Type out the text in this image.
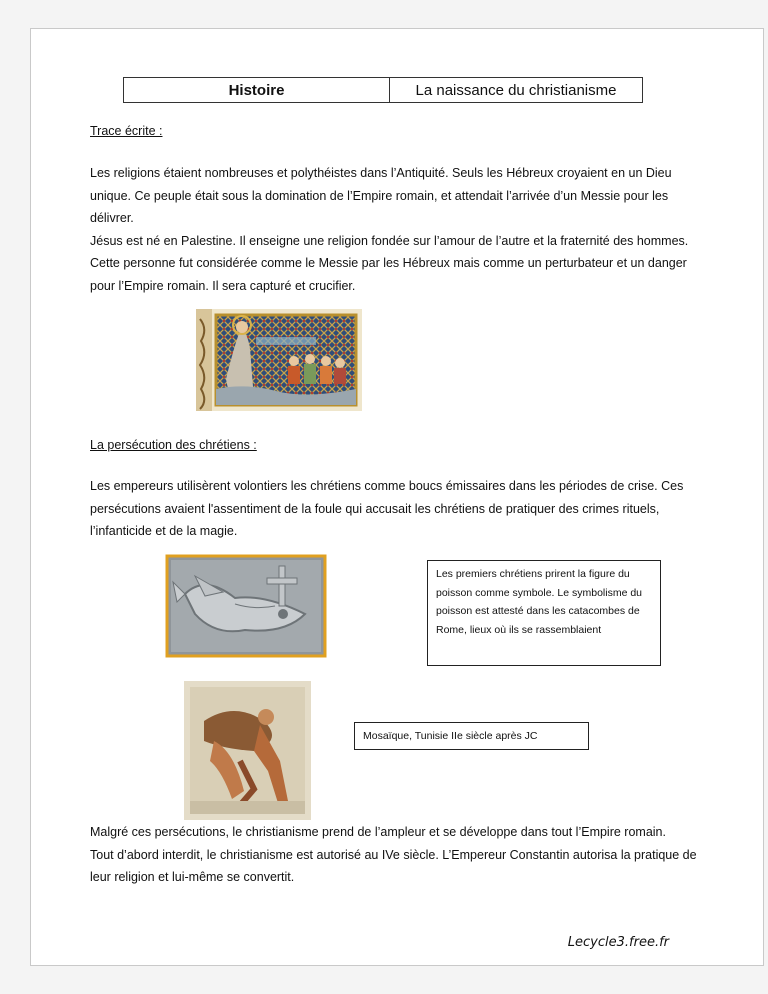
Histoire	La naissance du christianisme
Trace écrite :

Les religions étaient nombreuses et polythéistes dans l’Antiquité. Seuls les Hébreux croyaient en un Dieu unique. Ce peuple était sous la domination de l’Empire romain, et attendait l’arrivée d’un Messie pour les délivrer.

Jésus est né en Palestine. Il enseigne une religion fondée sur l’amour de l’autre et la fraternité des hommes. Cette personne fut considérée comme le Messie par les Hébreux mais comme un perturbateur et un danger pour l’Empire romain. Il sera capturé et crucifier.

La persécution des chrétiens :

Les empereurs utilisèrent volontiers les chrétiens comme boucs émissaires dans les périodes de crise. Ces persécutions avaient l'assentiment de la foule qui accusait les chrétiens de pratiquer des crimes rituels, l’infanticide et de la magie.

Les premiers chrétiens prirent la figure du poisson comme symbole. Le symbolisme du poisson est attesté dans les catacombes de Rome, lieux où ils se rassemblaient
Mosaïque, Tunisie IIe siècle après JC

Malgré ces persécutions, le christianisme prend de l’ampleur et se développe dans tout l’Empire romain.

Tout d’abord interdit, le christianisme est autorisé au IVe siècle. L’Empereur Constantin autorisa la pratique de leur religion et lui-même se convertit.

Lecycle3.free.fr
